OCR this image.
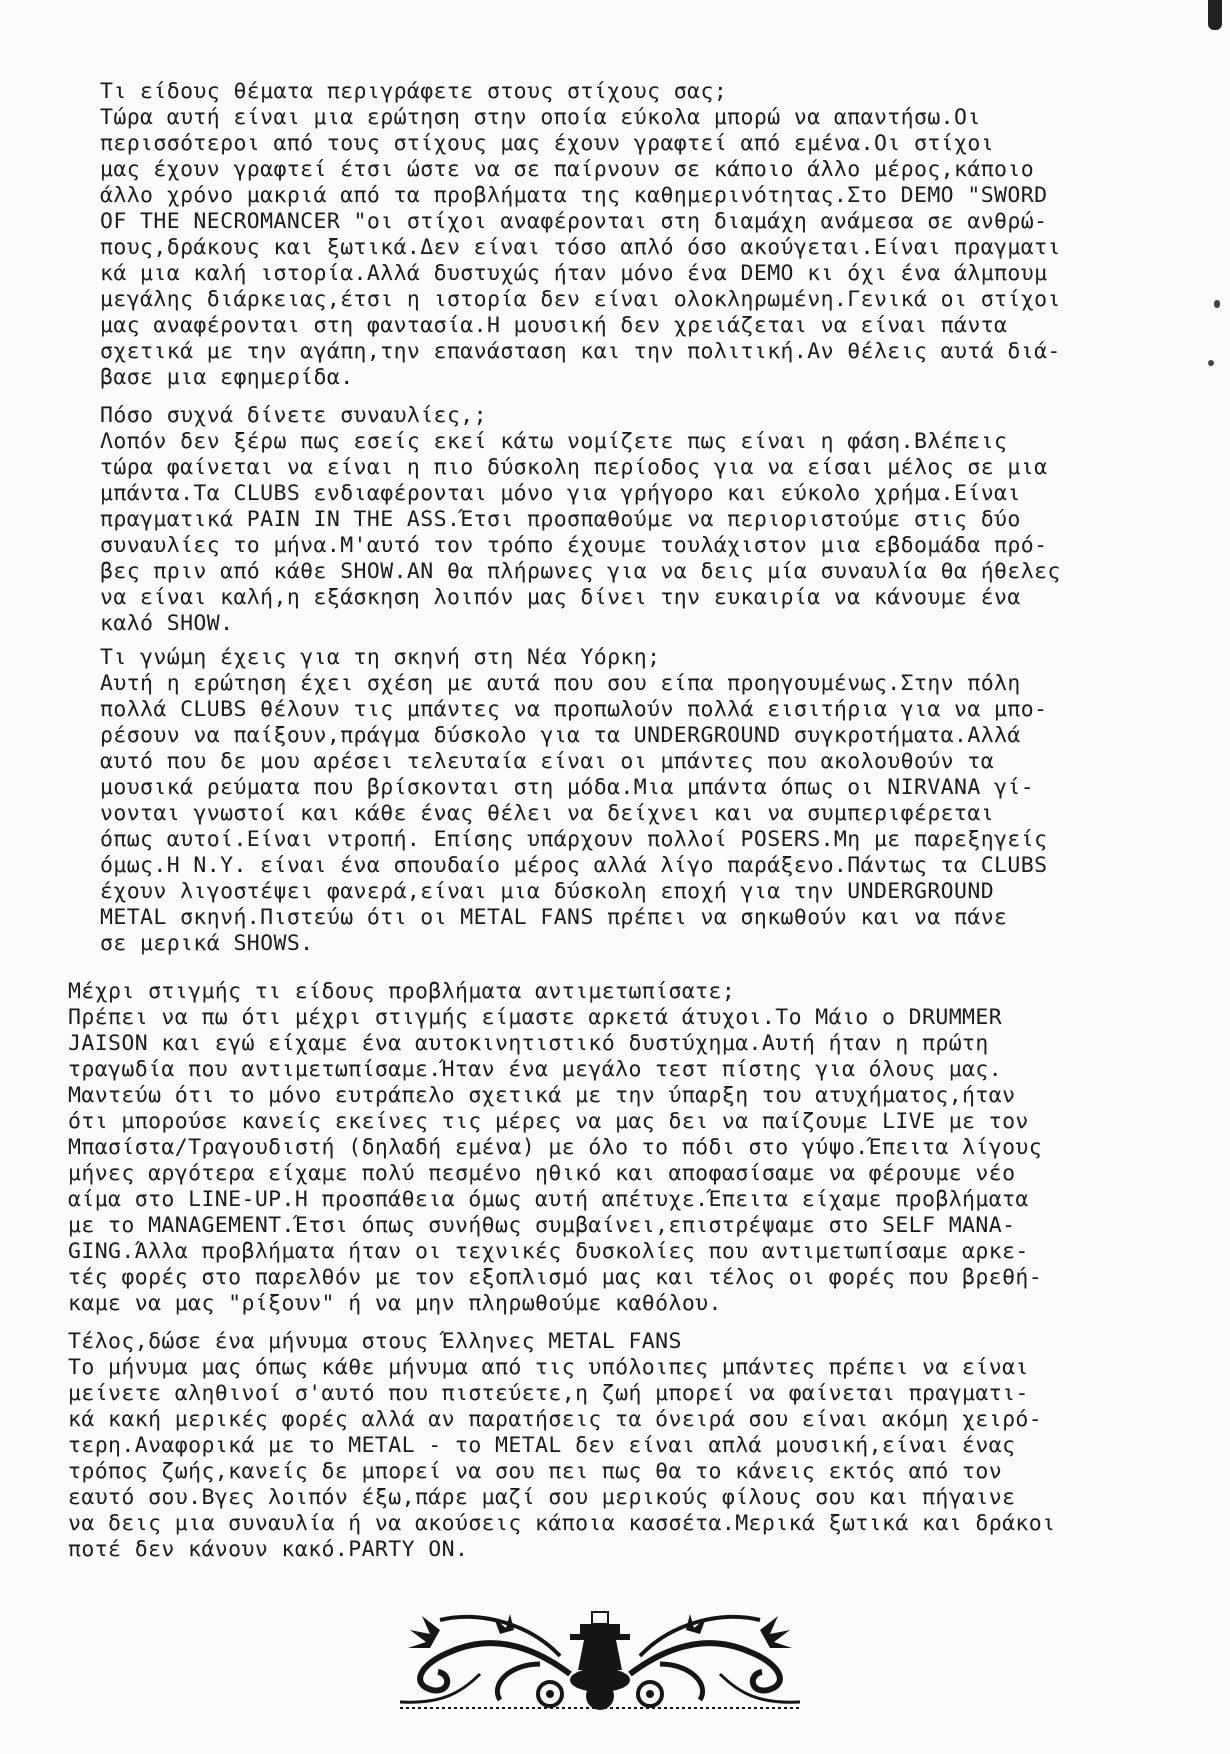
Τι είδους θέματα περιγράφετε στους στίχους σας;
Τώρα αυτή είναι μια ερώτηση στην οποία εύκολα μπορώ να απαντήσω.Οι
περισσότεροι από τους στίχους μας έχουν γραφτεί από εμένα.Οι στίχοι
μας έχουν γραφτεί έτσι ώστε να σε παίρνουν σε κάποιο άλλο μέρος,κάποιο
άλλο χρόνο μακριά από τα προβλήματα της καθημερινότητας.Στο DEMO "SWORD
OF THE NECROMANCER "οι στίχοι αναφέρονται στη διαμάχη ανάμεσα σε ανθρώ-
πους,δράκους και ξωτικά.Δεν είναι τόσο απλό όσο ακούγεται.Είναι πραγματι
κά μια καλή ιστορία.Αλλά δυστυχώς ήταν μόνο ένα DEMO κι όχι ένα άλμπουμ
μεγάλης διάρκειας,έτσι η ιστορία δεν είναι ολοκληρωμένη.Γενικά οι στίχοι
μας αναφέρονται στη φαντασία.Η μουσική δεν χρειάζεται να είναι πάντα
σχετικά με την αγάπη,την επανάσταση και την πολιτική.Αν θέλεις αυτά διά-
βασε μια εφημερίδα.
Πόσο συχνά δίνετε συναυλίες,;
Λοπόν δεν ξέρω πως εσείς εκεί κάτω νομίζετε πως είναι η φάση.Βλέπεις
τώρα φαίνεται να είναι η πιο δύσκολη περίοδος για να είσαι μέλος σε μια
μπάντα.Τα CLUBS ενδιαφέρονται μόνο για γρήγορο και εύκολο χρήμα.Είναι
πραγματικά PAIN IN THE ASS.Έτσι προσπαθούμε να περιοριστούμε στις δύο
συναυλίες το μήνα.Μ'αυτό τον τρόπο έχουμε τουλάχιστον μια εβδομάδα πρό-
βες πριν από κάθε SHOW.AN θα πλήρωνες για να δεις μία συναυλία θα ήθελες
να είναι καλή,η εξάσκηση λοιπόν μας δίνει την ευκαιρία να κάνουμε ένα
καλό SHOW.
Τι γνώμη έχεις για τη σκηνή στη Νέα Υόρκη;
Αυτή η ερώτηση έχει σχέση με αυτά που σου είπα προηγουμένως.Στην πόλη
πολλά CLUBS θέλουν τις μπάντες να προπωλούν πολλά εισιτήρια για να μπο-
ρέσουν να παίξουν,πράγμα δύσκολο για τα UNDERGROUND συγκροτήματα.Αλλά
αυτό που δε μου αρέσει τελευταία είναι οι μπάντες που ακολουθούν τα
μουσικά ρεύματα που βρίσκονται στη μόδα.Μια μπάντα όπως οι NIRVANA γί-
νονται γνωστοί και κάθε ένας θέλει να δείχνει και να συμπεριφέρεται
όπως αυτοί.Είναι ντροπή. Επίσης υπάρχουν πολλοί POSERS.Μη με παρεξηγείς
όμως.Η N.Y. είναι ένα σπουδαίο μέρος αλλά λίγο παράξενο.Πάντως τα CLUBS
έχουν λιγοστέψει φανερά,είναι μια δύσκολη εποχή για την UNDERGROUND
METAL σκηνή.Πιστεύω ότι οι METAL FANS πρέπει να σηκωθούν και να πάνε
σε μερικά SHOWS.
Μέχρι στιγμής τι είδους προβλήματα αντιμετωπίσατε;
Πρέπει να πω ότι μέχρι στιγμής είμαστε αρκετά άτυχοι.Το Μάιο ο DRUMMER
JAISON και εγώ είχαμε ένα αυτοκινητιστικό δυστύχημα.Αυτή ήταν η πρώτη
τραγωδία που αντιμετωπίσαμε.Ήταν ένα μεγάλο τεστ πίστης για όλους μας.
Μαντεύω ότι το μόνο ευτράπελο σχετικά με την ύπαρξη του ατυχήματος,ήταν
ότι μπορούσε κανείς εκείνες τις μέρες να μας δει να παίζουμε LIVE με τον
Μπασίστα/Τραγουδιστή (δηλαδή εμένα) με όλο το πόδι στο γύψο.Έπειτα λίγους
μήνες αργότερα είχαμε πολύ πεσμένο ηθικό και αποφασίσαμε να φέρουμε νέο
αίμα στο LINE-UP.Η προσπάθεια όμως αυτή απέτυχε.Έπειτα είχαμε προβλήματα
με το MANAGEMENT.Έτσι όπως συνήθως συμβαίνει,επιστρέψαμε στο SELF MANA-
GING.Άλλα προβλήματα ήταν οι τεχνικές δυσκολίες που αντιμετωπίσαμε αρκε-
τές φορές στο παρελθόν με τον εξοπλισμό μας και τέλος οι φορές που βρεθή-
καμε να μας "ρίξουν" ή να μην πληρωθούμε καθόλου.
Τέλος,δώσε ένα μήνυμα στους Έλληνες METAL FANS
Το μήνυμα μας όπως κάθε μήνυμα από τις υπόλοιπες μπάντες πρέπει να είναι
μείνετε αληθινοί σ'αυτό που πιστεύετε,η ζωή μπορεί να φαίνεται πραγματι-
κά κακή μερικές φορές αλλά αν παρατήσεις τα όνειρά σου είναι ακόμη χειρό-
τερη.Αναφορικά με το METAL - το METAL δεν είναι απλά μουσική,είναι ένας
τρόπος ζωής,κανείς δε μπορεί να σου πει πως θα το κάνεις εκτός από τον
εαυτό σου.Βγες λοιπόν έξω,πάρε μαζί σου μερικούς φίλους σου και πήγαινε
να δεις μια συναυλία ή να ακούσεις κάποια κασσέτα.Μερικά ξωτικά και δράκοι
ποτέ δεν κάνουν κακό.PARTY ON.
